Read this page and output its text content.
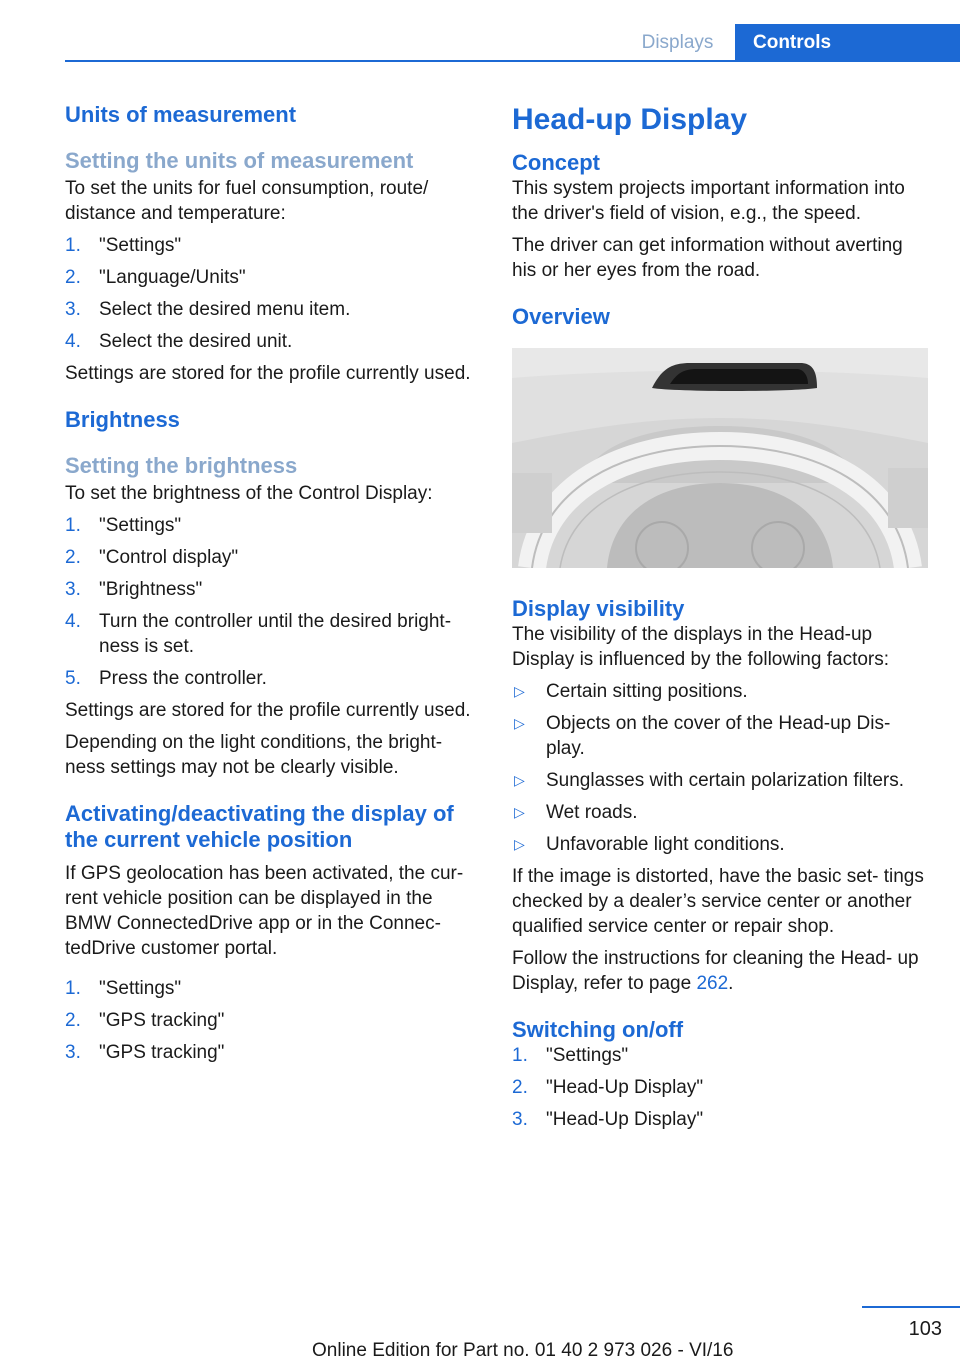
Displays	Controls
Units of measurement
Setting the units of measurement
To set the units for fuel consumption, route/ distance and temperature:
1. "Settings"
2. "Language/Units"
3. Select the desired menu item.
4. Select the desired unit.
Settings are stored for the profile currently used.
Brightness
Setting the brightness
To set the brightness of the Control Display:
1. "Settings"
2. "Control display"
3. "Brightness"
4. Turn the controller until the desired bright‐ ness is set.
5. Press the controller.
Settings are stored for the profile currently used.
Depending on the light conditions, the bright‐ ness settings may not be clearly visible.
Activating/deactivating the display of the current vehicle position
If GPS geolocation has been activated, the cur‐ rent vehicle position can be displayed in the BMW ConnectedDrive app or in the Connec‐ tedDrive customer portal.
1. "Settings"
2. "GPS tracking"
3. "GPS tracking"
Head-up Display
Concept
This system projects important information into the driver's field of vision, e.g., the speed.
The driver can get information without averting his or her eyes from the road.
Overview
Display visibility
The visibility of the displays in the Head-up Display is influenced by the following factors:
▷ Certain sitting positions.
▷ Objects on the cover of the Head-up Dis‐ play.
▷ Sunglasses with certain polarization filters.
▷ Wet roads.
▷ Unfavorable light conditions.
If the image is distorted, have the basic set‐ tings checked by a dealer’s service center or another qualified service center or repair shop.
Follow the instructions for cleaning the Head- up Display, refer to page 262.
Switching on/off
1. "Settings"
2. "Head-Up Display"
3. "Head-Up Display"
103
Online Edition for Part no. 01 40 2 973 026 - VI/16
